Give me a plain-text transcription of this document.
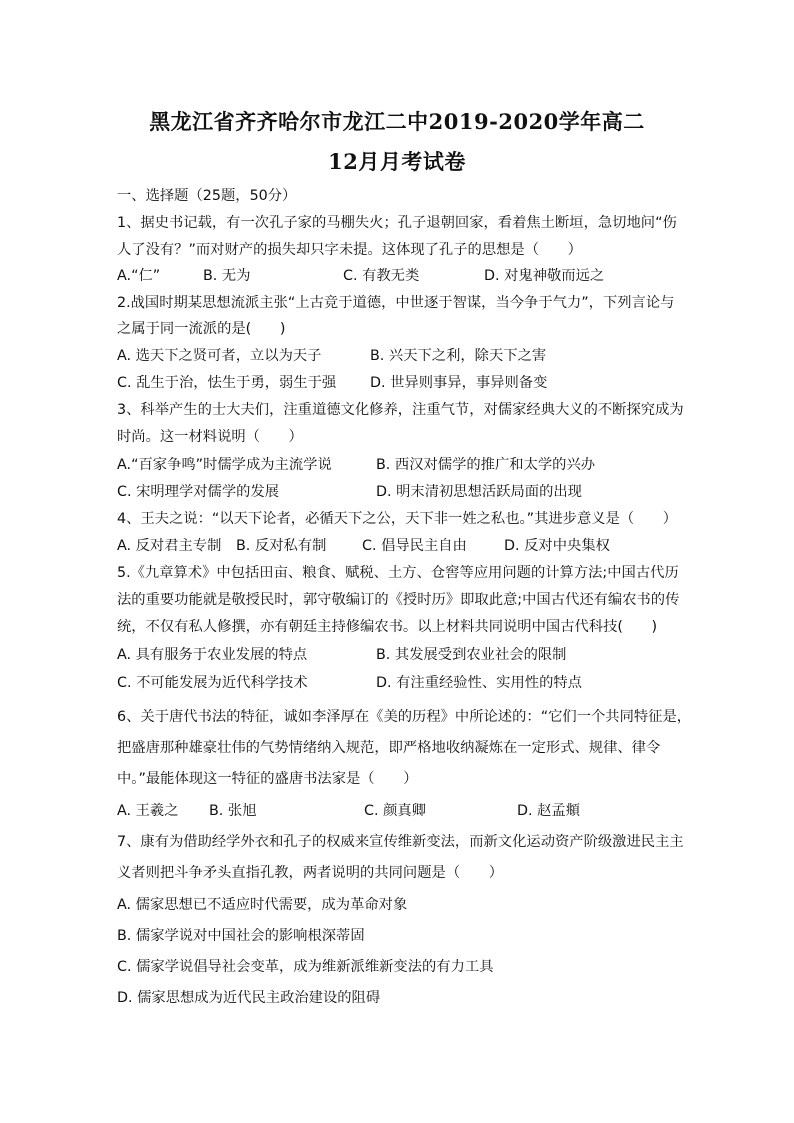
黑龙江省齐齐哈尔市龙江二中2019-2020学年高二
12月月考试卷
一、选择题（25题，50分）
1、据史书记载，有一次孔子家的马棚失火；孔子退朝回家，看着焦土断垣，急切地问“伤
人了没有？”而对财产的损失却只字未提。这体现了孔子的思想是（　　）
A.“仁”	B. 无为	C. 有教无类	D. 对鬼神敬而远之
2.战国时期某思想流派主张“上古竞于道德，中世逐于智谋，当今争于气力”，下列言论与
之属于同一流派的是(　　)
A. 选天下之贤可者，立以为天子	B. 兴天下之利，除天下之害
C. 乱生于治，怯生于勇，弱生于强 D. 世异则事异，事异则备变
3、科举产生的士大夫们，注重道德文化修养，注重气节，对儒家经典大义的不断探究成为
时尚。这一材料说明（　　）
A.“百家争鸣”时儒学成为主流学说	B. 西汉对儒学的推广和太学的兴办
C. 宋明理学对儒学的发展	D. 明末清初思想活跃局面的出现
4、王夫之说：“以天下论者，必循天下之公，天下非一姓之私也。”其进步意义是（　　）
A. 反对君主专制 B. 反对私有制 C. 倡导民主自由	D. 反对中央集权
5.《九章算术》中包括田亩、粮食、赋税、土方、仓窖等应用问题的计算方法;中国古代历
法的重要功能就是敬授民时，郭守敬编订的《授时历》即取此意;中国古代还有编农书的传
统，不仅有私人修撰，亦有朝廷主持修编农书。以上材料共同说明中国古代科技(　　)
A. 具有服务于农业发展的特点	B. 其发展受到农业社会的限制
C. 不可能发展为近代科学技术	D. 有注重经验性、实用性的特点
6、关于唐代书法的特征，诚如李泽厚在《美的历程》中所论述的：“它们一个共同特征是，
把盛唐那种雄豪壮伟的气势情绪纳入规范，即严格地收纳凝炼在一定形式、规律、律令
中。”最能体现这一特征的盛唐书法家是（　　）
A. 王羲之 B. 张旭	C. 颜真卿	D. 赵孟頫
7、康有为借助经学外衣和孔子的权威来宣传维新变法，而新文化运动资产阶级激进民主主
义者则把斗争矛头直指孔教，两者说明的共同问题是（　　）
A. 儒家思想已不适应时代需要，成为革命对象
B. 儒家学说对中国社会的影响根深蒂固
C. 儒家学说倡导社会变革，成为维新派维新变法的有力工具
D. 儒家思想成为近代民主政治建设的阻碍
